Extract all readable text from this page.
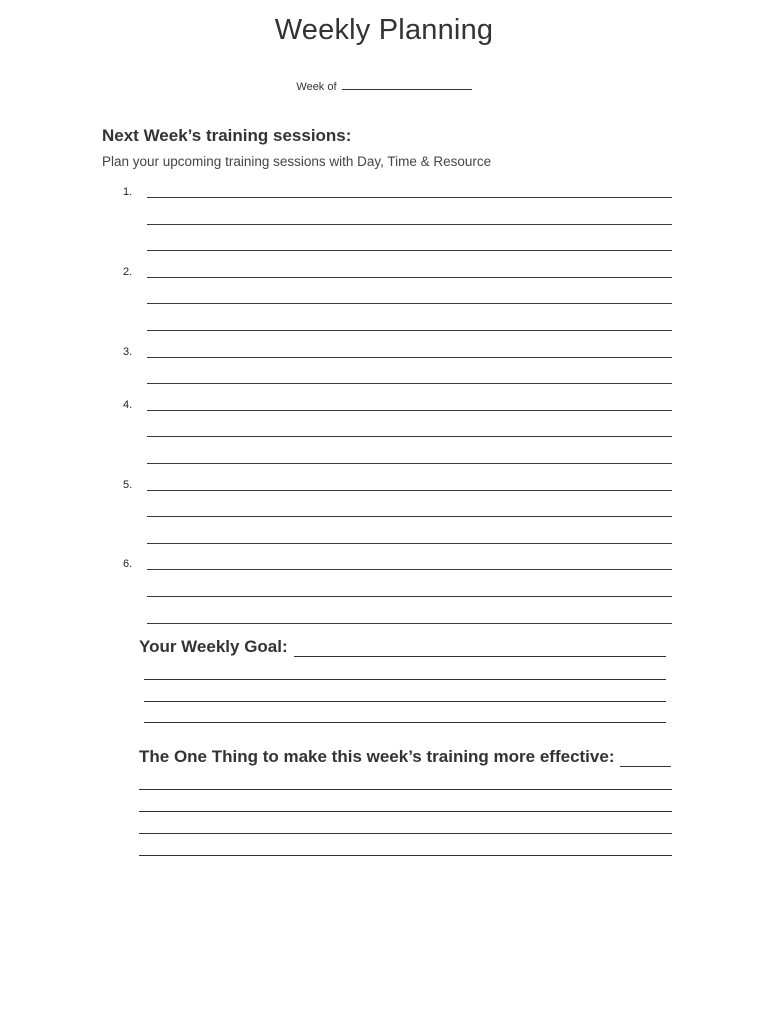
Weekly Planning
Week of
Next Week’s training sessions:
Plan your upcoming training sessions with Day, Time & Resource
1.
2.
3.
4.
5.
6.
Your Weekly Goal:
The One Thing to make this week’s training more effective:
